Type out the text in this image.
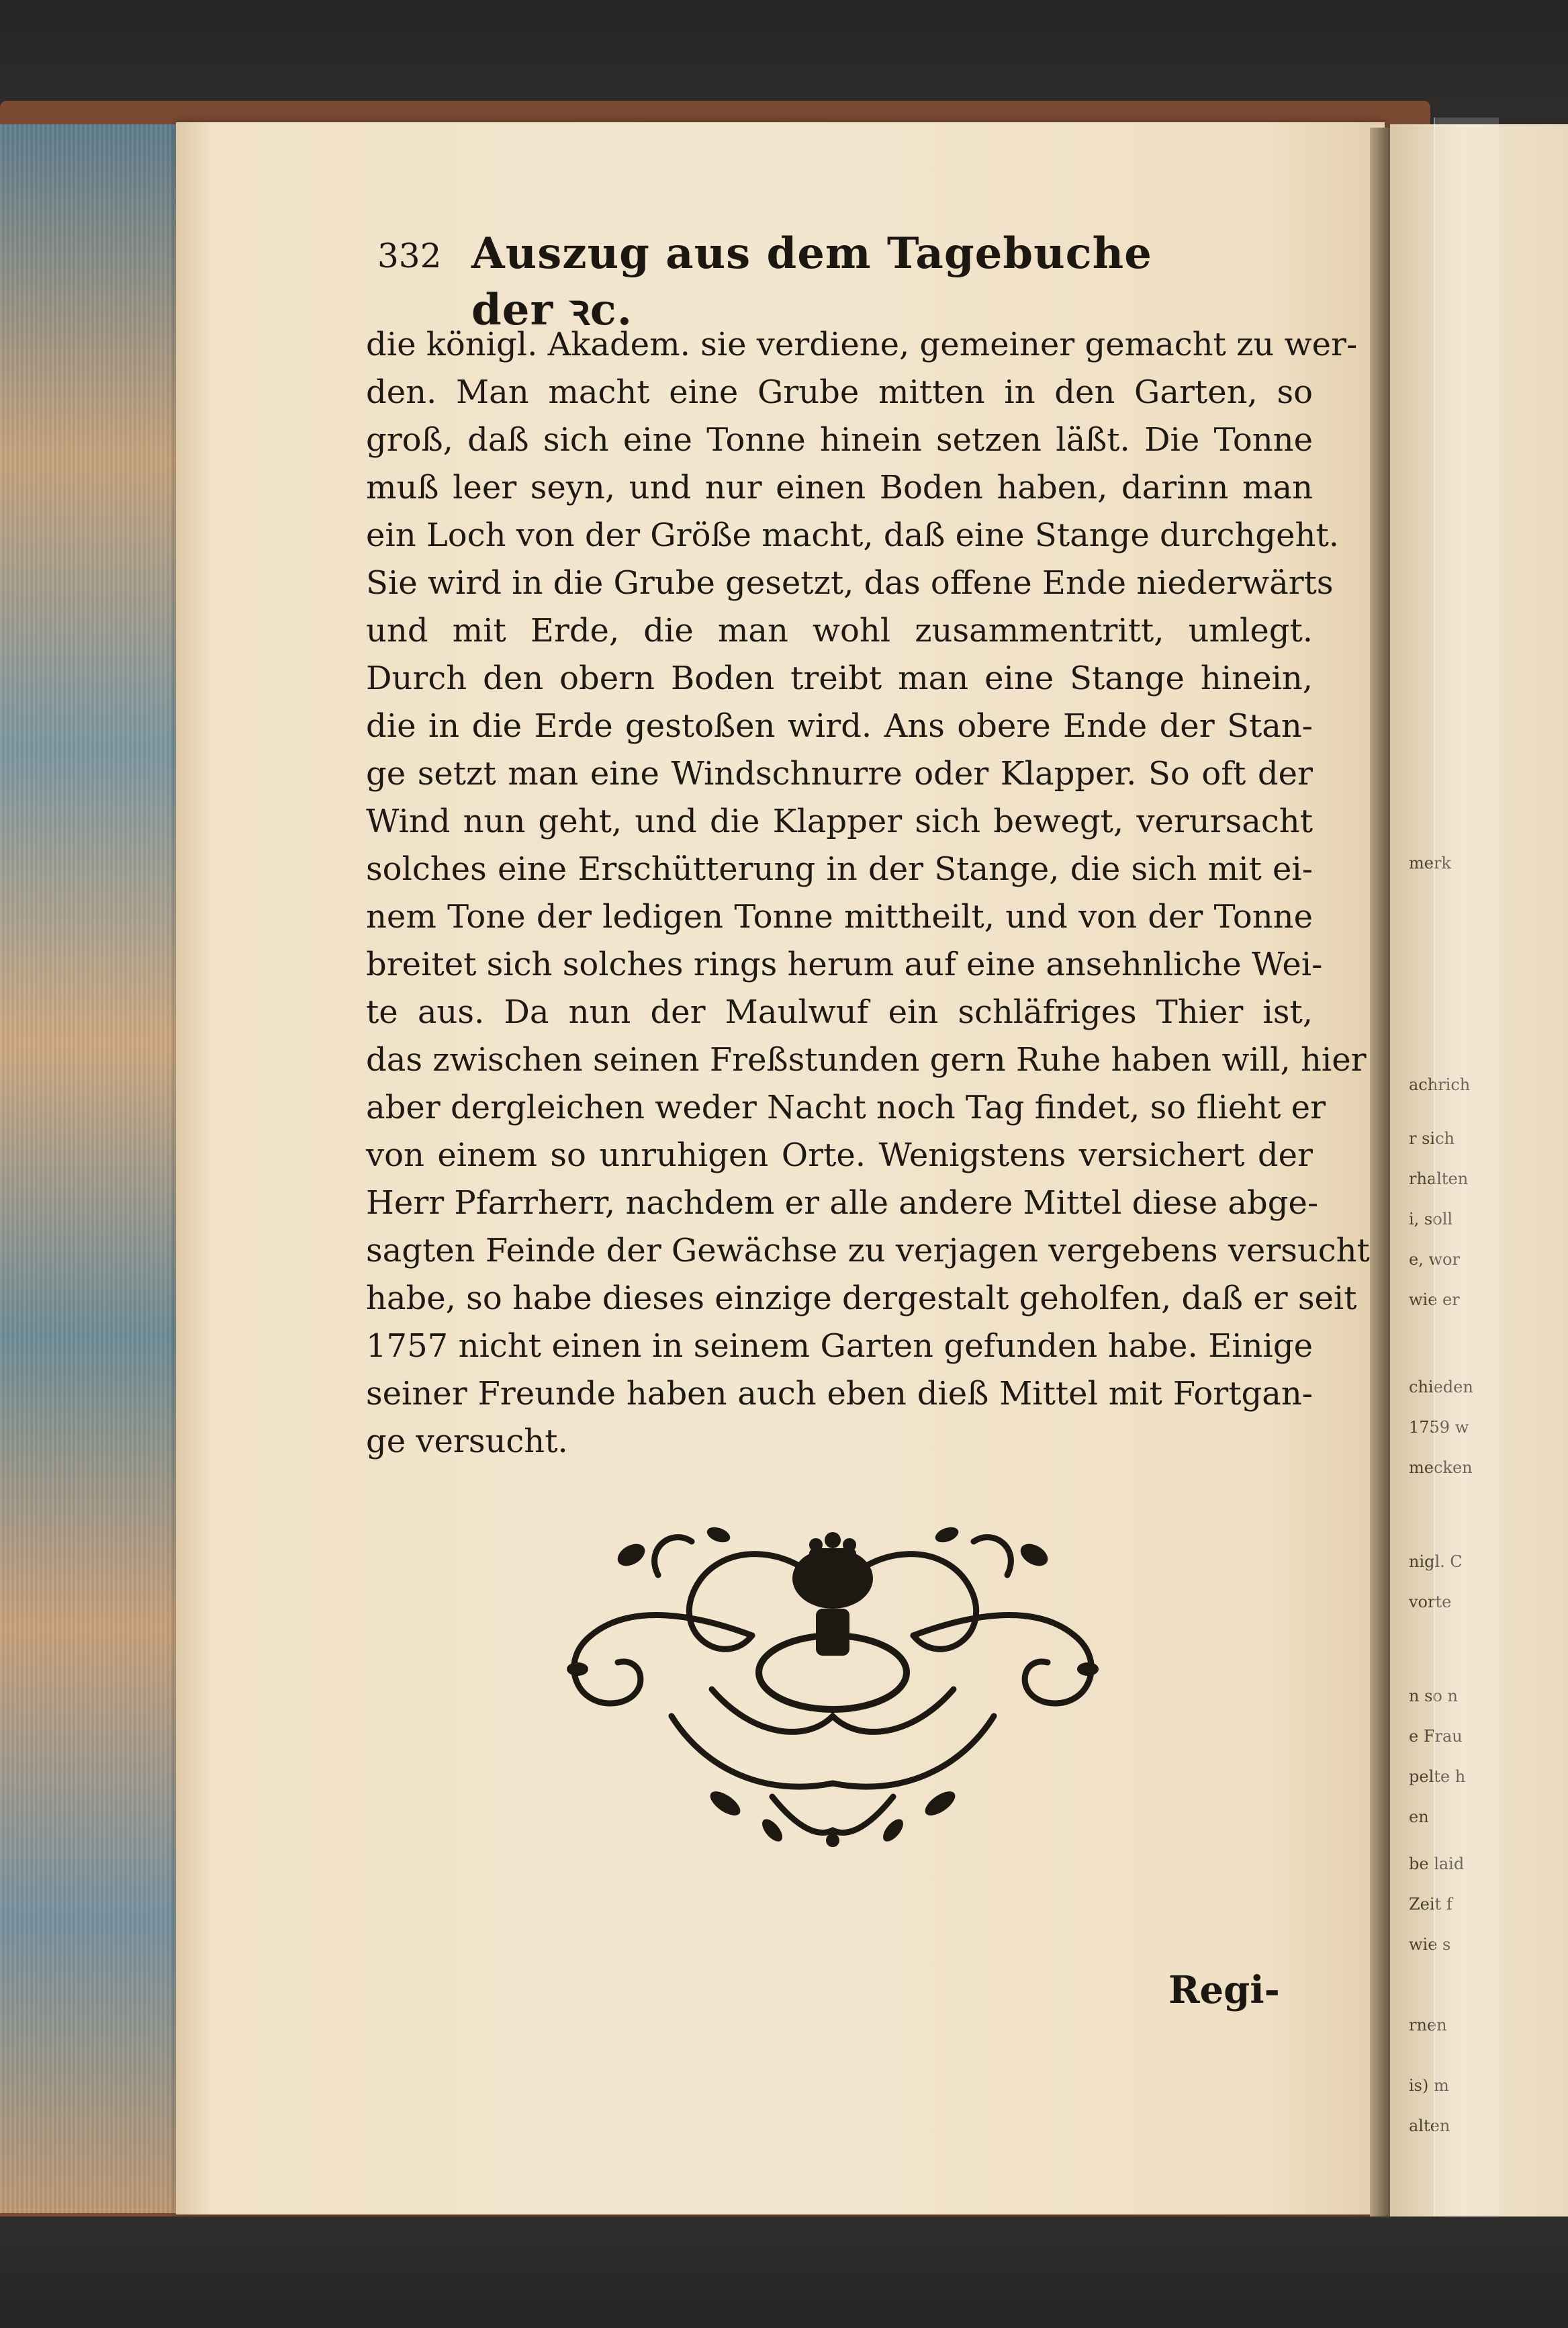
merk
achrich
r sich
rhalten
i, soll
e, wor
wie er
chieden
1759 w
mecken
nigl. C
vorte
n so n
e Frau
pelte h
en
be laid
Zeit f
wie s
rnen
is) m
alten
332 Auszug aus dem Tagebuche der ꝛc.
die königl. Akadem. sie verdiene, gemeiner gemacht zu wer-
den. Man macht eine Grube mitten in den Garten, so
groß, daß sich eine Tonne hinein setzen läßt. Die Tonne
muß leer seyn, und nur einen Boden haben, darinn man
ein Loch von der Größe macht, daß eine Stange durchgeht.
Sie wird in die Grube gesetzt, das offene Ende niederwärts
und mit Erde, die man wohl zusammentritt, umlegt.
Durch den obern Boden treibt man eine Stange hinein,
die in die Erde gestoßen wird. Ans obere Ende der Stan-
ge setzt man eine Windschnurre oder Klapper. So oft der
Wind nun geht, und die Klapper sich bewegt, verursacht
solches eine Erschütterung in der Stange, die sich mit ei-
nem Tone der ledigen Tonne mittheilt, und von der Tonne
breitet sich solches rings herum auf eine ansehnliche Wei-
te aus. Da nun der Maulwuf ein schläfriges Thier ist,
das zwischen seinen Freßstunden gern Ruhe haben will, hier
aber dergleichen weder Nacht noch Tag findet, so flieht er
von einem so unruhigen Orte. Wenigstens versichert der
Herr Pfarrherr, nachdem er alle andere Mittel diese abge-
sagten Feinde der Gewächse zu verjagen vergebens versucht
habe, so habe dieses einzige dergestalt geholfen, daß er seit
1757 nicht einen in seinem Garten gefunden habe. Einige
seiner Freunde haben auch eben dieß Mittel mit Fortgan-
ge versucht.
Regi-
